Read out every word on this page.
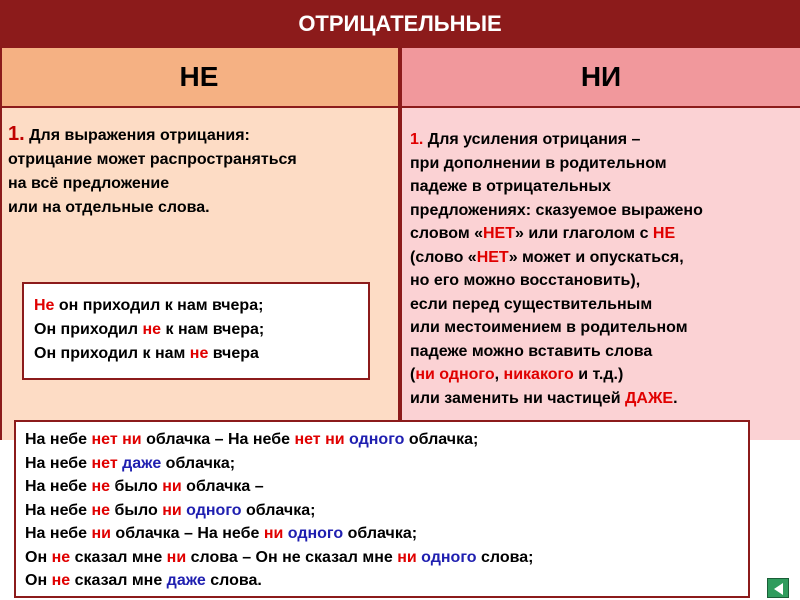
ОТРИЦАТЕЛЬНЫЕ
НЕ	НИ
1. Для выражения отрицания:
отрицание может распространяться
на всё предложение
или на отдельные слова.
Не он приходил к нам вчера;
Он приходил не к нам вчера;
Он приходил к нам не вчера
1. Для усиления отрицания –
при дополнении в родительном
падеже в отрицательных
предложениях: сказуемое выражено
словом «НЕТ» или глаголом с НЕ
(слово «НЕТ» может и опускаться,
но его можно восстановить),
если перед существительным
или местоимением в родительном
падеже можно вставить слова
(ни одного, никакого и т.д.)
или заменить ни частицей ДАЖЕ.
На небе нет ни облачка – На небе нет ни одного облачка;
На небе нет даже облачка;
На небе не было ни облачка –
На небе не было ни одного облачка;
На небе ни облачка – На небе ни одного облачка;
Он не сказал мне ни слова – Он не сказал мне ни одного слова;
Он не сказал мне даже слова.
